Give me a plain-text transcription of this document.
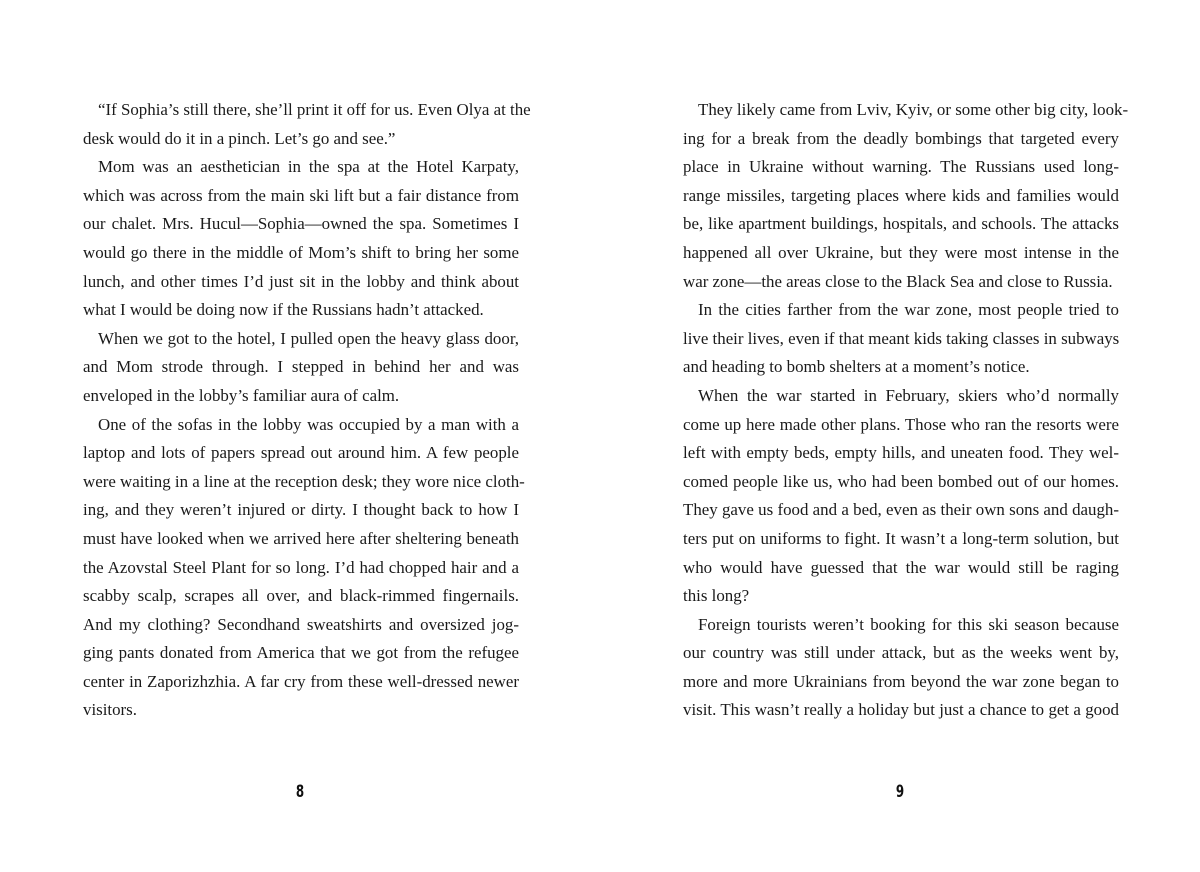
“If Sophia’s still there, she’ll print it off for us. Even Olya at the
desk would do it in a pinch. Let’s go and see.”
Mom was an aesthetician in the spa at the Hotel Karpaty,
which was across from the main ski lift but a fair distance from
our chalet. Mrs. Hucul—Sophia—owned the spa. Sometimes I
would go there in the middle of Mom’s shift to bring her some
lunch, and other times I’d just sit in the lobby and think about
what I would be doing now if the Russians hadn’t attacked.
When we got to the hotel, I pulled open the heavy glass door,
and Mom strode through. I stepped in behind her and was
enveloped in the lobby’s familiar aura of calm.
One of the sofas in the lobby was occupied by a man with a
laptop and lots of papers spread out around him. A few people
were waiting in a line at the reception desk; they wore nice cloth-
ing, and they weren’t injured or dirty. I thought back to how I
must have looked when we arrived here after sheltering beneath
the Azovstal Steel Plant for so long. I’d had chopped hair and a
scabby scalp, scrapes all over, and black-rimmed fingernails.
And my clothing? Secondhand sweatshirts and oversized jog-
ging pants donated from America that we got from the refugee
center in Zaporizhzhia. A far cry from these well-dressed newer
visitors.
They likely came from Lviv, Kyiv, or some other big city, look-
ing for a break from the deadly bombings that targeted every
place in Ukraine without warning. The Russians used long-
range missiles, targeting places where kids and families would
be, like apartment buildings, hospitals, and schools. The attacks
happened all over Ukraine, but they were most intense in the
war zone—the areas close to the Black Sea and close to Russia.
In the cities farther from the war zone, most people tried to
live their lives, even if that meant kids taking classes in subways
and heading to bomb shelters at a moment’s notice.
When the war started in February, skiers who’d normally
come up here made other plans. Those who ran the resorts were
left with empty beds, empty hills, and uneaten food. They wel-
comed people like us, who had been bombed out of our homes.
They gave us food and a bed, even as their own sons and daugh-
ters put on uniforms to fight. It wasn’t a long-term solution, but
who would have guessed that the war would still be raging
this long?
Foreign tourists weren’t booking for this ski season because
our country was still under attack, but as the weeks went by,
more and more Ukrainians from beyond the war zone began to
visit. This wasn’t really a holiday but just a chance to get a good
8	9
